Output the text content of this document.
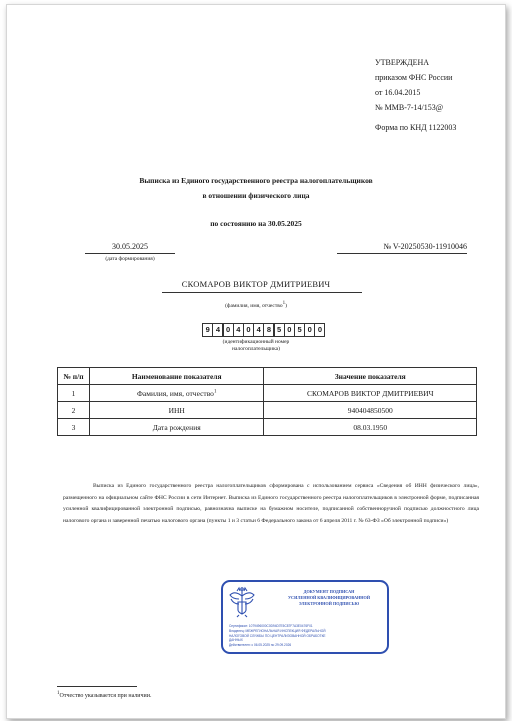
УТВЕРЖДЕНА
приказом ФНС России
от 16.04.2015
№ ММВ-7-14/153@
Форма по КНД 1122003
Выписка из Единого государственного реестра налогоплательщиков
в отношении физического лица
по состоянию на 30.05.2025
30.05.2025
(дата формирования)
№ V-20250530-11910046
СКОМАРОВ ВИКТОР ДМИТРИЕВИЧ
(фамилия, имя, отчество1)
9 4 0 4 0 4 8 5 0 5 0 0
(идентификационный номер
налогоплательщика)
№ п/п	Наименование показателя	Значение показателя
1	Фамилия, имя, отчество$^1$	СКОМАРОВ ВИКТОР ДМИТРИЕВИЧ
2	ИНН	940404850500
3	Дата рождения	08.03.1950
Выписка из Единого государственного реестра налогоплательщиков сформирована с использованием сервиса «Сведения об ИНН физического лица», размещенного на официальном сайте ФНС России в сети Интернет. Выписка из Единого государственного реестра налогоплательщиков в электронной форме, подписанная усиленной квалифицированной электронной подписью, равнозначна выписке на бумажном носителе, подписанной собственноручной подписью должностного лица налогового органа и заверенной печатью налогового органа (пункты 1 и 3 статьи 6 Федерального закона от 6 апреля 2011 г. № 63-ФЗ «Об электронной подписи»)
ДОКУМЕНТ ПОДПИСАН
УСИЛЕННОЙ КВАЛИФИЦИРОВАННОЙ
ЭЛЕКТРОННОЙ ПОДПИСЬЮ
Сертификат: 1079496000C0D94D7E5C87F7A3E0476F01
Владелец: МЕЖРЕГИОНАЛЬНАЯ ИНСПЕКЦИЯ ФЕДЕРАЛЬНОЙ
НАЛОГОВОЙ СЛУЖБЫ ПО ЦЕНТРАЛИЗОВАННОЙ ОБРАБОТКЕ
ДАННЫХ
Действителен: с 06.05.2025 по 29.09.2026
$^1$Отчество указывается при наличии.
